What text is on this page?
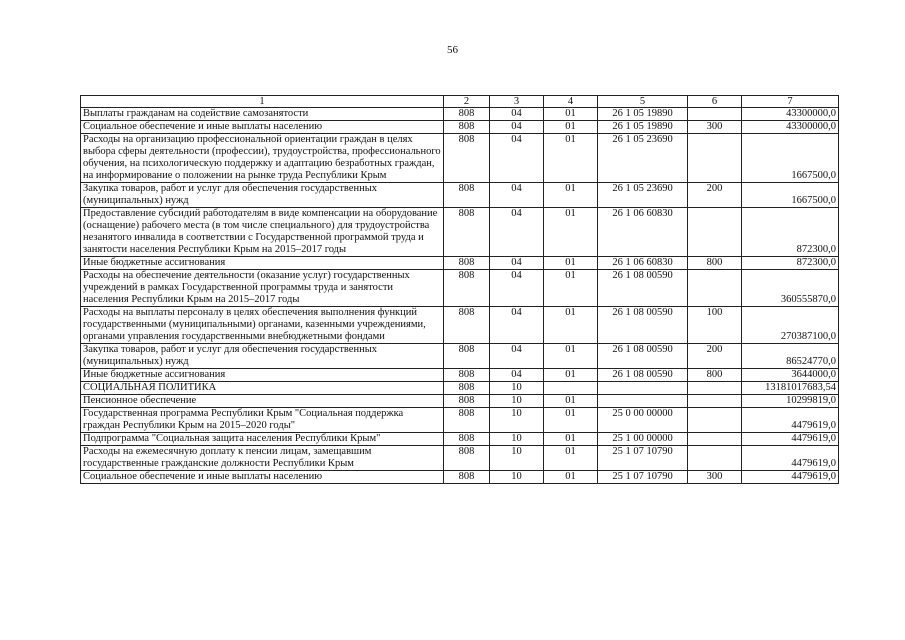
56
1	2	3	4	5	6	7
Выплаты гражданам на содействие самозанятости	808	04	01	26 1 05 19890		43300000,0
Социальное обеспечение и иные выплаты населению	808	04	01	26 1 05 19890	300	43300000,0
Расходы на организацию профессиональной ориентации граждан в целях выбора сферы деятельности (профессии), трудоустройства, профессионального обучения, на психологическую поддержку и адаптацию безработных граждан, на информирование о положении на рынке труда Республики Крым	808	04	01	26 1 05 23690		1667500,0
Закупка товаров, работ и услуг для обеспечения государственных (муниципальных) нужд	808	04	01	26 1 05 23690	200	1667500,0
Предоставление субсидий работодателям в виде компенсации на оборудование (оснащение) рабочего места (в том числе специального) для трудоустройства незанятого инвалида в соответствии с Государственной программой труда и занятости населения Республики Крым на 2015–2017 годы	808	04	01	26 1 06 60830		872300,0
Иные бюджетные ассигнования	808	04	01	26 1 06 60830	800	872300,0
Расходы на обеспечение деятельности (оказание услуг) государственных учреждений в рамках Государственной программы труда и занятости населения Республики Крым на 2015–2017 годы	808	04	01	26 1 08 00590		360555870,0
Расходы на выплаты персоналу в целях обеспечения выполнения функций государственными (муниципальными) органами, казенными учреждениями, органами управления государственными внебюджетными фондами	808	04	01	26 1 08 00590	100	270387100,0
Закупка товаров, работ и услуг для обеспечения государственных (муниципальных) нужд	808	04	01	26 1 08 00590	200	86524770,0
Иные бюджетные ассигнования	808	04	01	26 1 08 00590	800	3644000,0
СОЦИАЛЬНАЯ ПОЛИТИКА	808	10				13181017683,54
Пенсионное обеспечение	808	10	01			10299819,0
Государственная программа Республики Крым "Социальная поддержка граждан Республики Крым на 2015–2020 годы"	808	10	01	25 0 00 00000		4479619,0
Подпрограмма "Социальная защита населения Республики Крым"	808	10	01	25 1 00 00000		4479619,0
Расходы на ежемесячную доплату к пенсии лицам, замещавшим государственные гражданские должности Республики Крым	808	10	01	25 1 07 10790		4479619,0
Социальное обеспечение и иные выплаты населению	808	10	01	25 1 07 10790	300	4479619,0
